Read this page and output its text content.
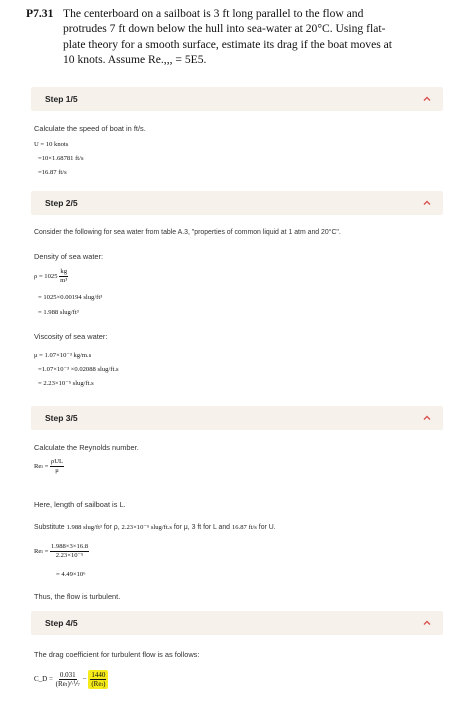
P7.31 The centerboard on a sailboat is 3 ft long parallel to the flow and protrudes 7 ft down below the hull into sea-water at 20°C. Using flat-plate theory for a smooth surface, estimate its drag if the boat moves at 10 knots. Assume Re.,,, = 5E5.
Step 1/5
Calculate the speed of boat in ft/s.
U = 10 knots
=10×1.68781 ft/s
=16.87 ft/s
Step 2/5
Consider the following for sea water from table A.3, "properties of common liquid at 1 atm and 20°C".
Density of sea water:
$\rho = 1025 \frac{kg}{\text{m³}}$
= 1025×0.00194 slug/ft³
= 1.988 slug/ft³
Viscosity of sea water:
μ = 1.07×10⁻³ kg/m.s
=1.07×10⁻³ ×0.02088 slug/ft.s
= 2.23×10⁻⁵ slug/ft.s
Step 3/5
Calculate the Reynolds number.
$Re_l = \frac{\text{ρUL}}{\mu}$
Here, length of sailboat is L.
Substitute 1.988 slug/ft³ for ρ, 2.23×10⁻⁵ slug/ft.s for μ, 3 ft for L and 16.87 ft/s for U.
$Re_l = \frac{1.988\times 3\times 16.8}{\text{2.23×10⁻⁵}}$
= 4.49×10⁶
Thus, the flow is turbulent.
Step 4/5
The drag coefficient for turbulent flow is as follows:
C_D = $\frac{0.031}{\text{(Reₗ)\textasciicircum{}⅐}} - \frac{1440}{\text{(Reₗ)}}$
